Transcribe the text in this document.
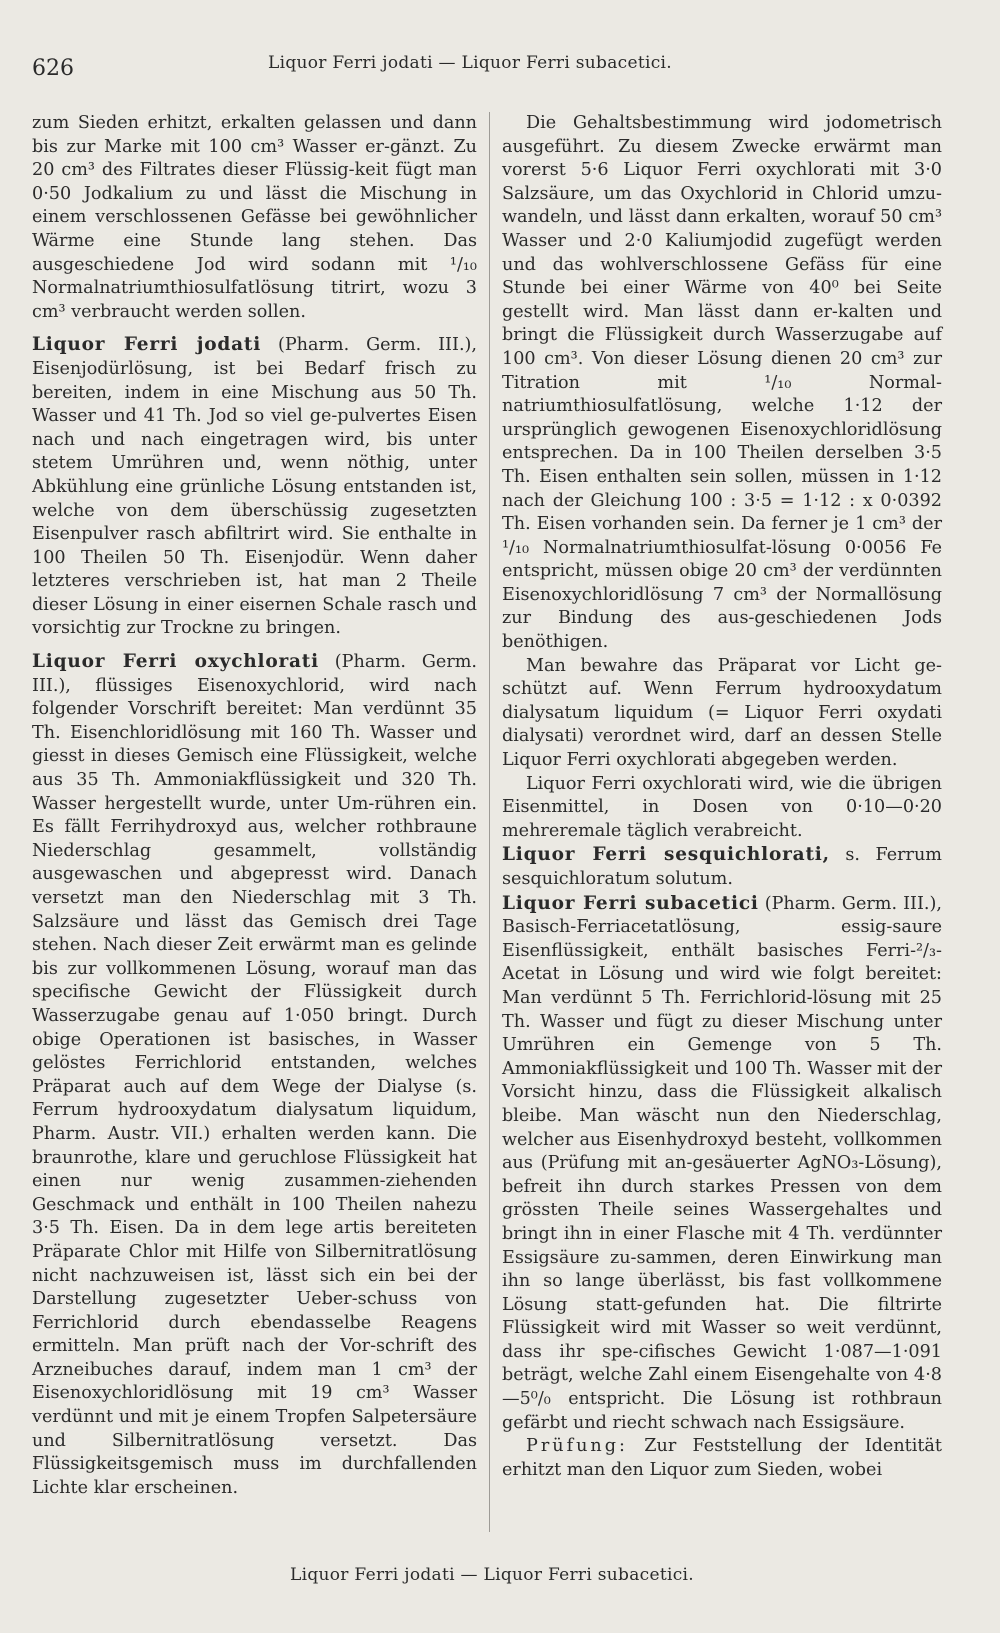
626	Liquor Ferri jodati — Liquor Ferri subacetici.

zum Sieden erhitzt, erkalten gelassen und dann bis zur Marke mit 100 cm³ Wasser er-gänzt. Zu 20 cm³ des Filtrates dieser Flüssig-keit fügt man 0·50 Jodkalium zu und lässt die Mischung in einem verschlossenen Gefässe bei gewöhnlicher Wärme eine Stunde lang stehen. Das ausgeschiedene Jod wird sodann mit ¹/₁₀ Normalnatriumthiosulfatlösung titrirt, wozu 3 cm³ verbraucht werden sollen.

Liquor Ferri jodati (Pharm. Germ. III.), Eisenjodürlösung, ist bei Bedarf frisch zu bereiten, indem in eine Mischung aus 50 Th. Wasser und 41 Th. Jod so viel ge-pulvertes Eisen nach und nach eingetragen wird, bis unter stetem Umrühren und, wenn nöthig, unter Abkühlung eine grünliche Lösung entstanden ist, welche von dem überschüssig zugesetzten Eisenpulver rasch abfiltrirt wird. Sie enthalte in 100 Theilen 50 Th. Eisenjodür. Wenn daher letzteres verschrieben ist, hat man 2 Theile dieser Lösung in einer eisernen Schale rasch und vorsichtig zur Trockne zu bringen.

Liquor Ferri oxychlorati (Pharm. Germ. III.), flüssiges Eisenoxychlorid, wird nach folgender Vorschrift bereitet: Man verdünnt 35 Th. Eisenchloridlösung mit 160 Th. Wasser und giesst in dieses Gemisch eine Flüssigkeit, welche aus 35 Th. Ammoniakflüssigkeit und 320 Th. Wasser hergestellt wurde, unter Um-rühren ein. Es fällt Ferrihydroxyd aus, welcher rothbraune Niederschlag gesammelt, vollständig ausgewaschen und abgepresst wird. Danach versetzt man den Niederschlag mit 3 Th. Salzsäure und lässt das Gemisch drei Tage stehen. Nach dieser Zeit erwärmt man es gelinde bis zur vollkommenen Lösung, worauf man das specifische Gewicht der Flüssigkeit durch Wasserzugabe genau auf 1·050 bringt. Durch obige Operationen ist basisches, in Wasser gelöstes Ferrichlorid entstanden, welches Präparat auch auf dem Wege der Dialyse (s. Ferrum hydrooxydatum dialysatum liquidum, Pharm. Austr. VII.) erhalten werden kann. Die braunrothe, klare und geruchlose Flüssigkeit hat einen nur wenig zusammen-ziehenden Geschmack und enthält in 100 Theilen nahezu 3·5 Th. Eisen. Da in dem lege artis bereiteten Präparate Chlor mit Hilfe von Silbernitratlösung nicht nachzuweisen ist, lässt sich ein bei der Darstellung zugesetzter Ueber-schuss von Ferrichlorid durch ebendasselbe Reagens ermitteln. Man prüft nach der Vor-schrift des Arzneibuches darauf, indem man 1 cm³ der Eisenoxychloridlösung mit 19 cm³ Wasser verdünnt und mit je einem Tropfen Salpetersäure und Silbernitratlösung versetzt. Das Flüssigkeitsgemisch muss im durchfallenden Lichte klar erscheinen.

Die Gehaltsbestimmung wird jodometrisch ausgeführt. Zu diesem Zwecke erwärmt man vorerst 5·6 Liquor Ferri oxychlorati mit 3·0 Salzsäure, um das Oxychlorid in Chlorid umzu-wandeln, und lässt dann erkalten, worauf 50 cm³ Wasser und 2·0 Kaliumjodid zugefügt werden und das wohlverschlossene Gefäss für eine Stunde bei einer Wärme von 40⁰ bei Seite gestellt wird. Man lässt dann er-kalten und bringt die Flüssigkeit durch Wasserzugabe auf 100 cm³. Von dieser Lösung dienen 20 cm³ zur Titration mit ¹/₁₀ Normal-natriumthiosulfatlösung, welche 1·12 der ursprünglich gewogenen Eisenoxychloridlösung entsprechen. Da in 100 Theilen derselben 3·5 Th. Eisen enthalten sein sollen, müssen in 1·12 nach der Gleichung 100 : 3·5 = 1·12 : x 0·0392 Th. Eisen vorhanden sein. Da ferner je 1 cm³ der ¹/₁₀ Normalnatriumthiosulfat-lösung 0·0056 Fe entspricht, müssen obige 20 cm³ der verdünnten Eisenoxychloridlösung 7 cm³ der Normallösung zur Bindung des aus-geschiedenen Jods benöthigen.

Man bewahre das Präparat vor Licht ge-schützt auf. Wenn Ferrum hydrooxydatum dialysatum liquidum (= Liquor Ferri oxydati dialysati) verordnet wird, darf an dessen Stelle Liquor Ferri oxychlorati abgegeben werden.

Liquor Ferri oxychlorati wird, wie die übrigen Eisenmittel, in Dosen von 0·10—0·20 mehreremale täglich verabreicht.

Liquor Ferri sesquichlorati, s. Ferrum sesquichloratum solutum.

Liquor Ferri subacetici (Pharm. Germ. III.), Basisch-Ferriacetatlösung, essig-saure Eisenflüssigkeit, enthält basisches Ferri-²/₃-Acetat in Lösung und wird wie folgt bereitet: Man verdünnt 5 Th. Ferrichlorid-lösung mit 25 Th. Wasser und fügt zu dieser Mischung unter Umrühren ein Gemenge von 5 Th. Ammoniakflüssigkeit und 100 Th. Wasser mit der Vorsicht hinzu, dass die Flüssigkeit alkalisch bleibe. Man wäscht nun den Niederschlag, welcher aus Eisenhydroxyd besteht, vollkommen aus (Prüfung mit an-gesäuerter AgNO₃-Lösung), befreit ihn durch starkes Pressen von dem grössten Theile seines Wassergehaltes und bringt ihn in einer Flasche mit 4 Th. verdünnter Essigsäure zu-sammen, deren Einwirkung man ihn so lange überlässt, bis fast vollkommene Lösung statt-gefunden hat. Die filtrirte Flüssigkeit wird mit Wasser so weit verdünnt, dass ihr spe-cifisches Gewicht 1·087—1·091 beträgt, welche Zahl einem Eisengehalte von 4·8—5⁰/₀ entspricht. Die Lösung ist rothbraun gefärbt und riecht schwach nach Essigsäure.

Prüfung: Zur Feststellung der Identität erhitzt man den Liquor zum Sieden, wobei

Liquor Ferri jodati — Liquor Ferri subacetici.
